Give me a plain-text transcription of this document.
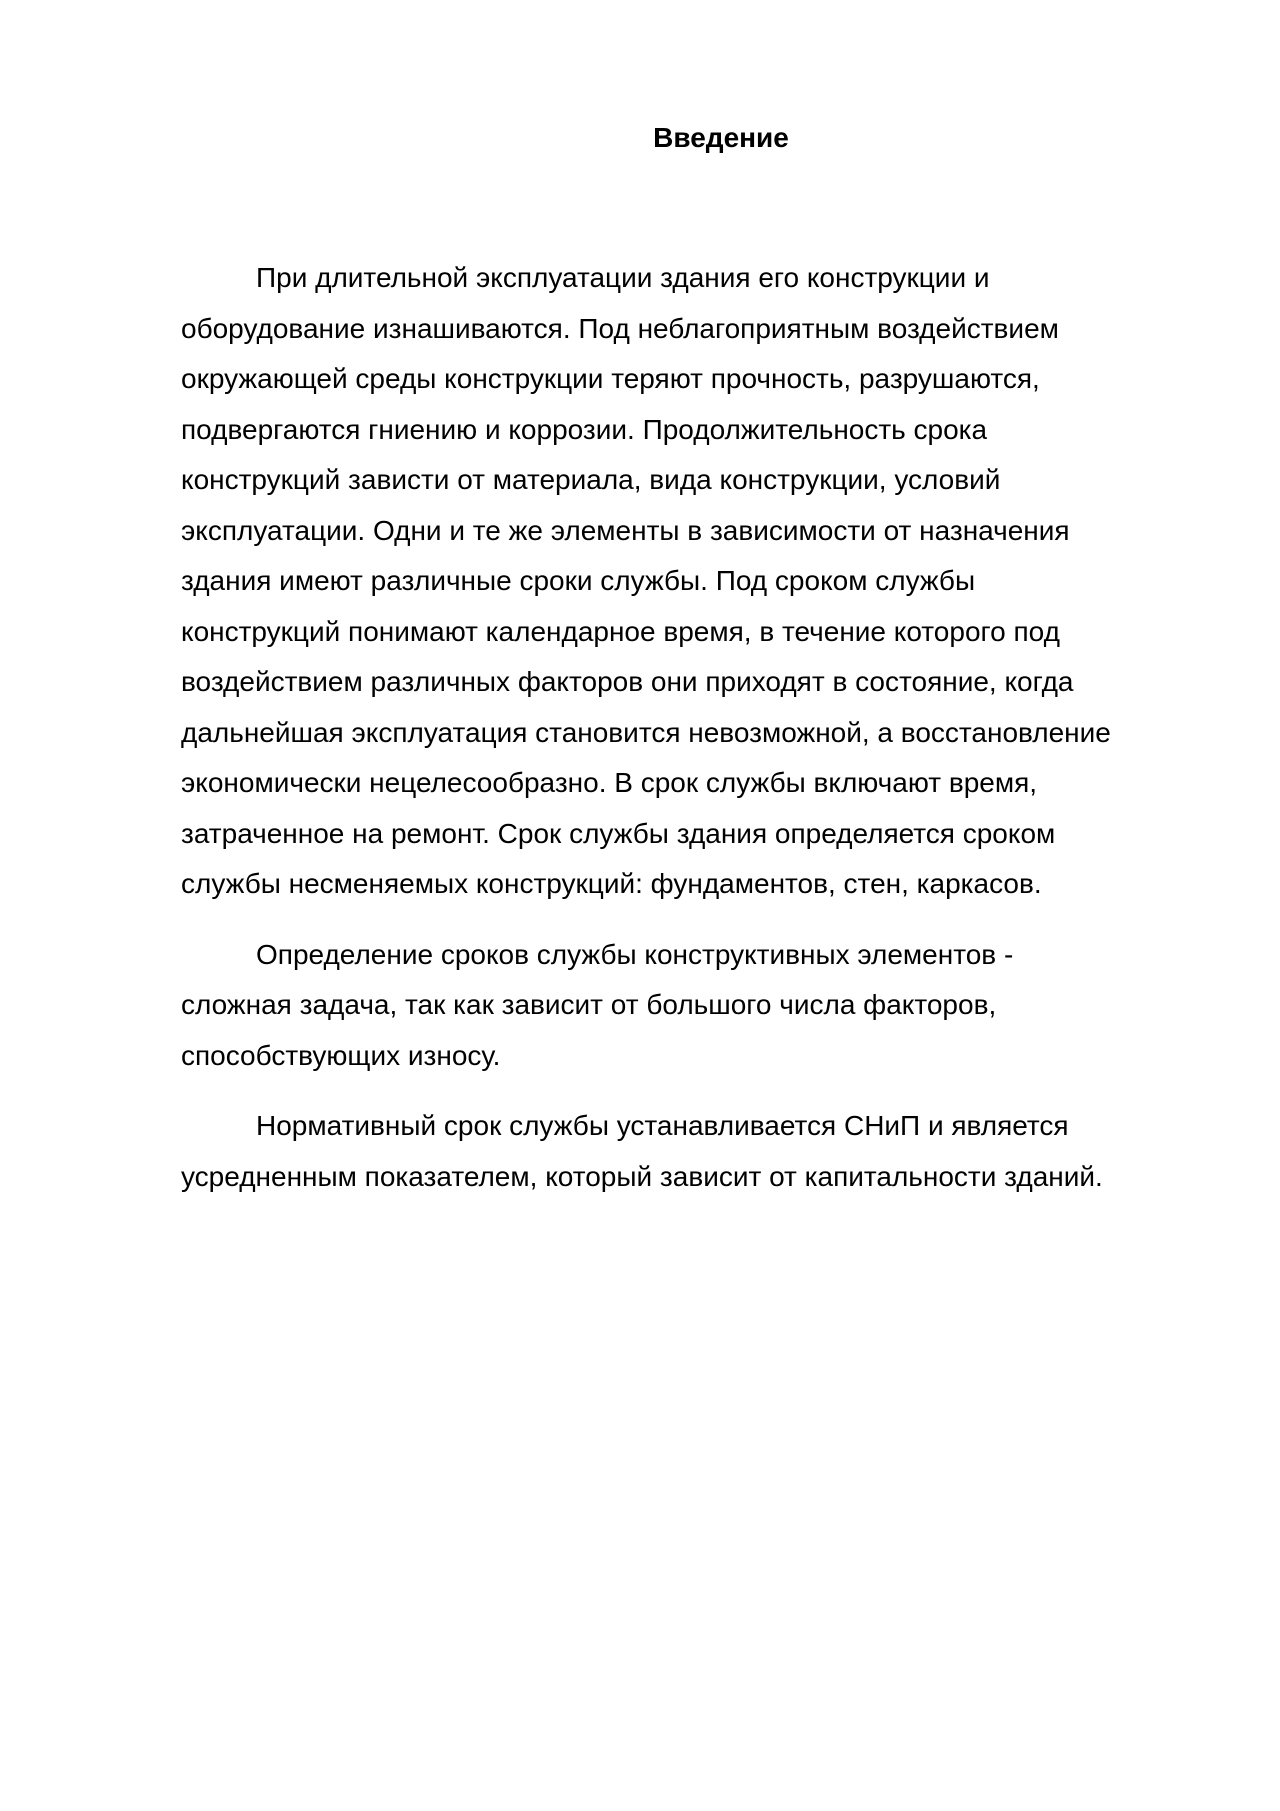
Введение
При длительной эксплуатации здания его конструкции и
оборудование изнашиваются. Под неблагоприятным воздействием
окружающей среды конструкции теряют прочность, разрушаются,
подвергаются гниению и коррозии. Продолжительность срока
конструкций зависти от материала, вида конструкции, условий
эксплуатации. Одни и те же элементы в зависимости от назначения
здания имеют различные сроки службы. Под сроком службы
конструкций понимают календарное время, в течение которого под
воздействием различных факторов они приходят в состояние, когда
дальнейшая эксплуатация становится невозможной, а восстановление
экономически нецелесообразно. В срок службы включают время,
затраченное на ремонт. Срок службы здания определяется сроком
службы несменяемых конструкций: фундаментов, стен, каркасов.
Определение сроков службы конструктивных элементов -
сложная задача, так как зависит от большого числа факторов,
способствующих износу.
Нормативный срок службы устанавливается СНиП и является
усредненным показателем, который зависит от капитальности зданий.
